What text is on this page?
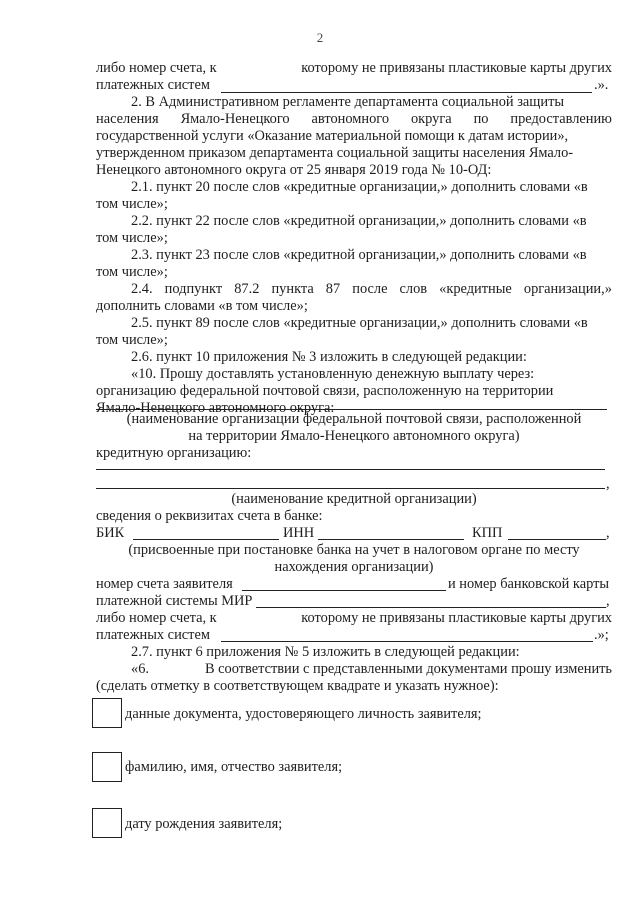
2
либо номер счета, к	которому не привязаны пластиковые карты других
платежных систем	.».
2. В Административном регламенте департамента социальной защиты
населения Ямало-Ненецкого автономного округа по предоставлению
государственной услуги «Оказание материальной помощи к датам истории»,
утвержденном приказом департамента социальной защиты населения Ямало-
Ненецкого автономного округа от 25 января 2019 года № 10-ОД:
2.1. пункт 20 после слов «кредитные организации,» дополнить словами «в
том числе»;
2.2. пункт 22 после слов «кредитной организации,» дополнить словами «в
том числе»;
2.3. пункт 23 после слов «кредитной организации,» дополнить словами «в
том числе»;
2.4. подпункт 87.2 пункта 87 после слов «кредитные организации,»
дополнить словами «в том числе»;
2.5. пункт 89 после слов «кредитные организации,» дополнить словами «в
том числе»;
2.6. пункт 10 приложения № 3 изложить в следующей редакции:
«10. Прошу доставлять установленную денежную выплату через:
организацию федеральной почтовой связи, расположенную на территории
Ямало-Ненецкого автономного округа:
(наименование организации федеральной почтовой связи, расположенной
на территории Ямало-Ненецкого автономного округа)
кредитную организацию:
,
(наименование кредитной организации)
сведения о реквизитах счета в банке:
БИК	ИНН	КПП	,
(присвоенные при постановке банка на учет в налоговом органе по месту
нахождения организации)
номер счета заявителя	и номер банковской карты
платежной системы МИР	,
либо номер счета, к	которому не привязаны пластиковые карты других
платежных систем	.»;
2.7. пункт 6 приложения № 5 изложить в следующей редакции:
«6.	В соответствии с представленными документами прошу изменить
(сделать отметку в соответствующем квадрате и указать нужное):
данные документа, удостоверяющего личность заявителя;
фамилию, имя, отчество заявителя;
дату рождения заявителя;
